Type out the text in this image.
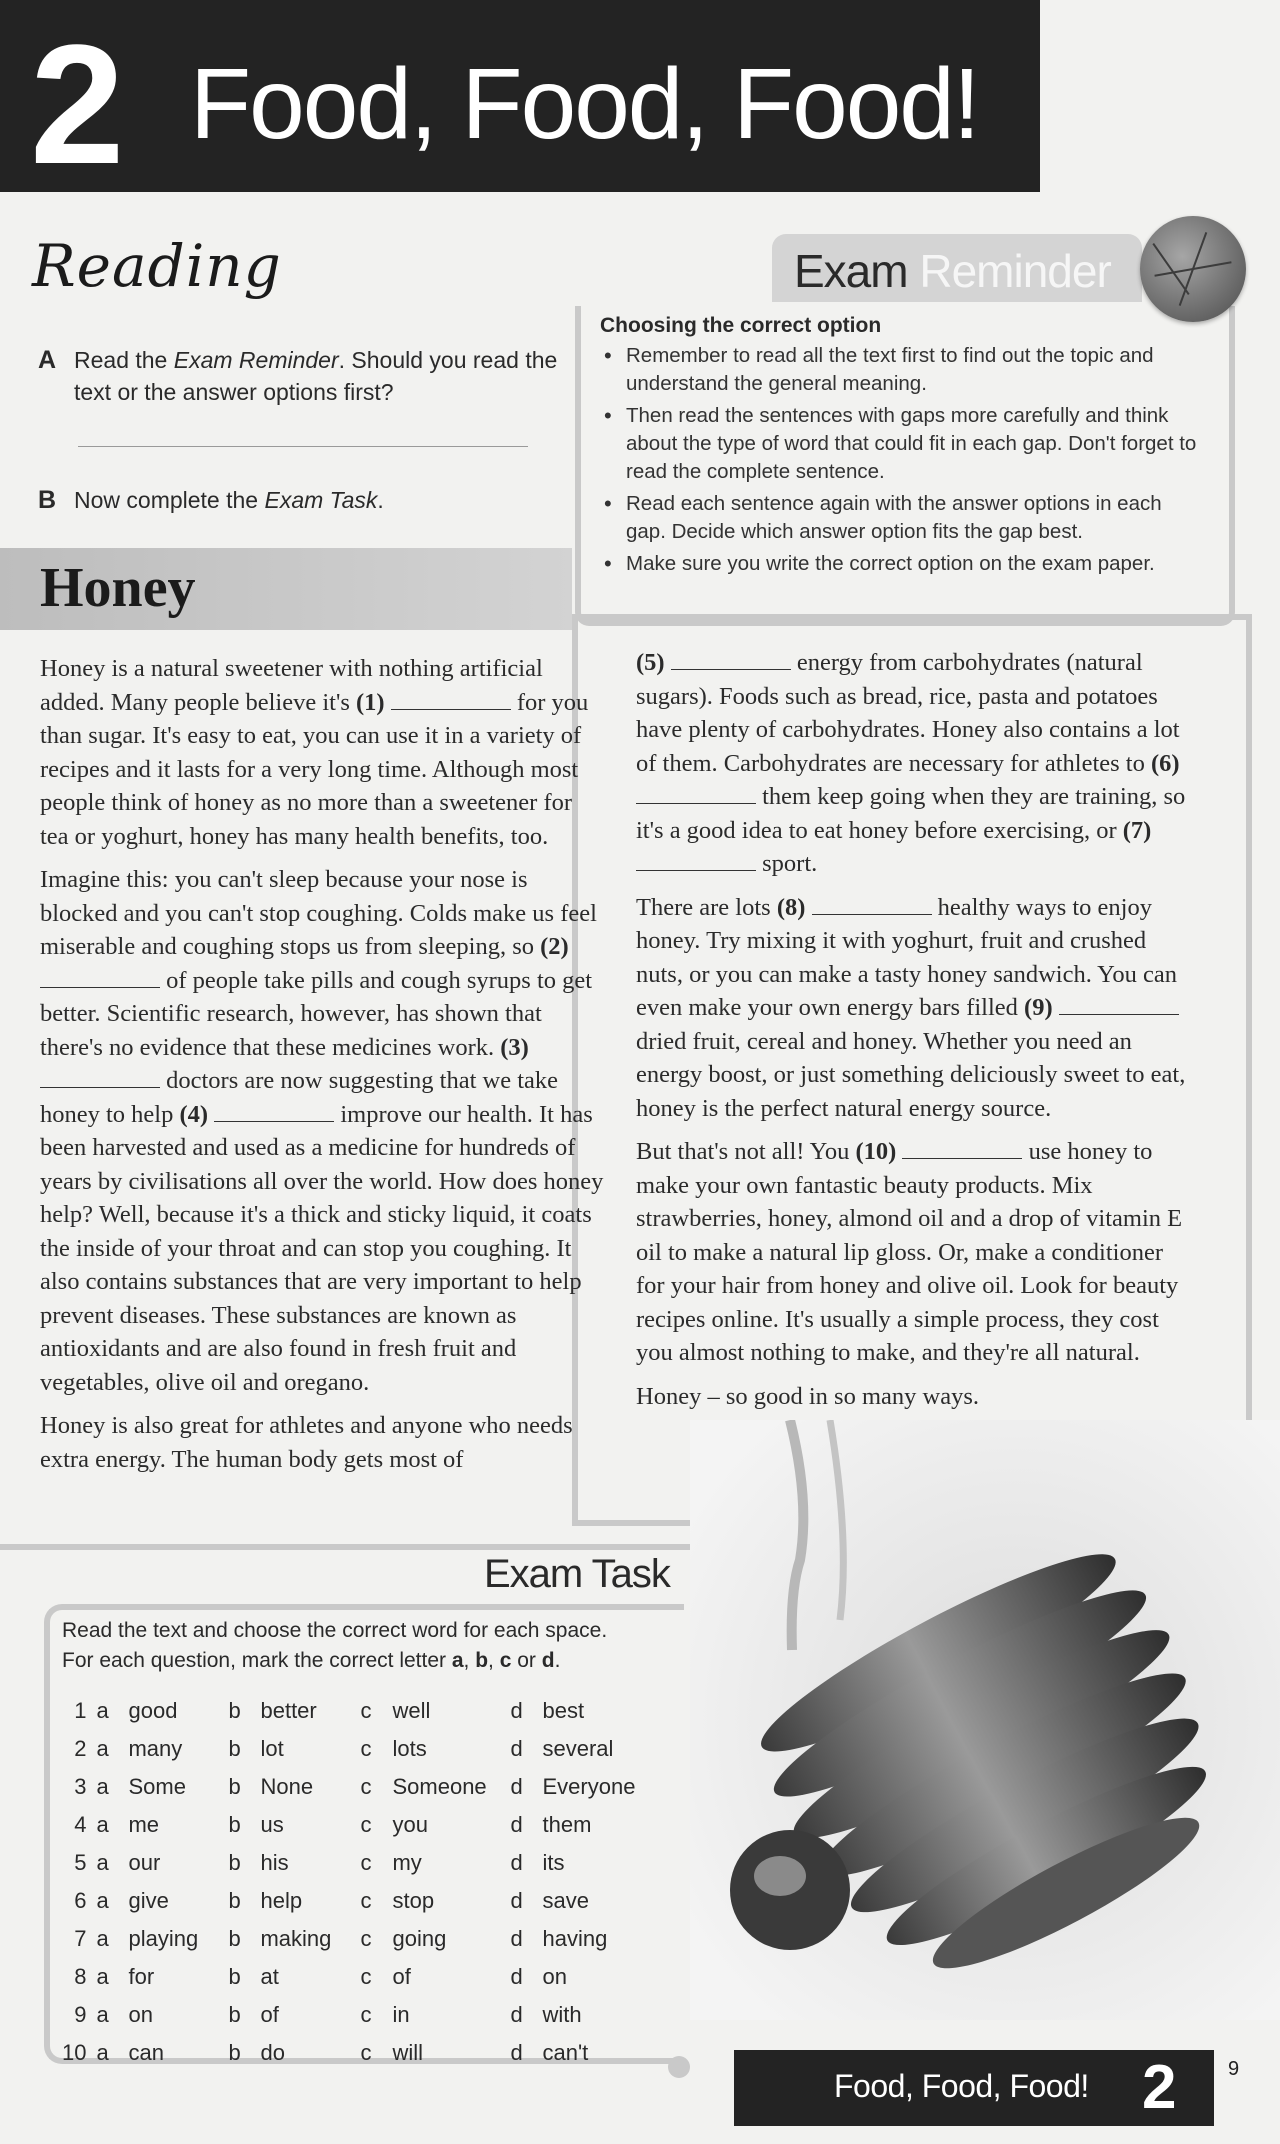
2 Food, Food, Food!
Reading
A Read the Exam Reminder. Should you read the text or the answer options first?
B Now complete the Exam Task.
Exam Reminder
Choosing the correct option
• Remember to read all the text first to find out the topic and understand the general meaning.
• Then read the sentences with gaps more carefully and think about the type of word that could fit in each gap. Don't forget to read the complete sentence.
• Read each sentence again with the answer options in each gap. Decide which answer option fits the gap best.
• Make sure you write the correct option on the exam paper.
Honey

Honey is a natural sweetener with nothing artificial added. Many people believe it's (1)	for you than sugar. It's easy to eat, you can use it in a variety of recipes and it lasts for a very long time. Although most people think of honey as no more than a sweetener for tea or yoghurt, honey has many health benefits, too.

Imagine this: you can't sleep because your nose is blocked and you can't stop coughing. Colds make us feel miserable and coughing stops us from sleeping, so (2)  of people take pills and cough syrups to get better. Scientific research, however, has shown that there's no evidence that these medicines work. (3)  doctors are now suggesting that we take honey to help (4)	improve our health. It has been harvested and used as a medicine for hundreds of years by civilisations all over the world. How does honey help? Well, because it's a thick and sticky liquid, it coats the inside of your throat and can stop you coughing. It also contains substances that are very important to help prevent diseases. These substances are known as antioxidants and are also found in fresh fruit and vegetables, olive oil and oregano.

Honey is also great for athletes and anyone who needs extra energy. The human body gets most of

(5)	energy from carbohydrates (natural sugars). Foods such as bread, rice, pasta and potatoes have plenty of carbohydrates. Honey also contains a lot of them. Carbohydrates are necessary for athletes to (6)  them keep going when they are training, so it's a good idea to eat honey before exercising, or (7)  sport.

There are lots (8)	healthy ways to enjoy honey. Try mixing it with yoghurt, fruit and crushed nuts, or you can make a tasty honey sandwich. You can even make your own energy bars filled (9)  dried fruit, cereal and honey. Whether you need an energy boost, or just something deliciously sweet to eat, honey is the perfect natural energy source.

But that's not all! You (10)	use honey to make your own fantastic beauty products. Mix strawberries, honey, almond oil and a drop of vitamin E oil to make a natural lip gloss. Or, make a conditioner for your hair from honey and olive oil. Look for beauty recipes online. It's usually a simple process, they cost you almost nothing to make, and they're all natural.

Honey – so good in so many ways.

Exam Task
Read the text and choose the correct word for each space.
For each question, mark the correct letter a, b, c or d.
1	a	good	b	better	c	well	d	best
2	a	many	b	lot	c	lots	d	several
3	a	Some	b	None	c	Someone	d	Everyone
4	a	me	b	us	c	you	d	them
5	a	our	b	his	c	my	d	its
6	a	give	b	help	c	stop	d	save
7	a	playing	b	making	c	going	d	having
8	a	for	b	at	c	of	d	on
9	a	on	b	of	c	in	d	with
10	a	can	b	do	c	will	d	can't
Food, Food, Food! 2	9
